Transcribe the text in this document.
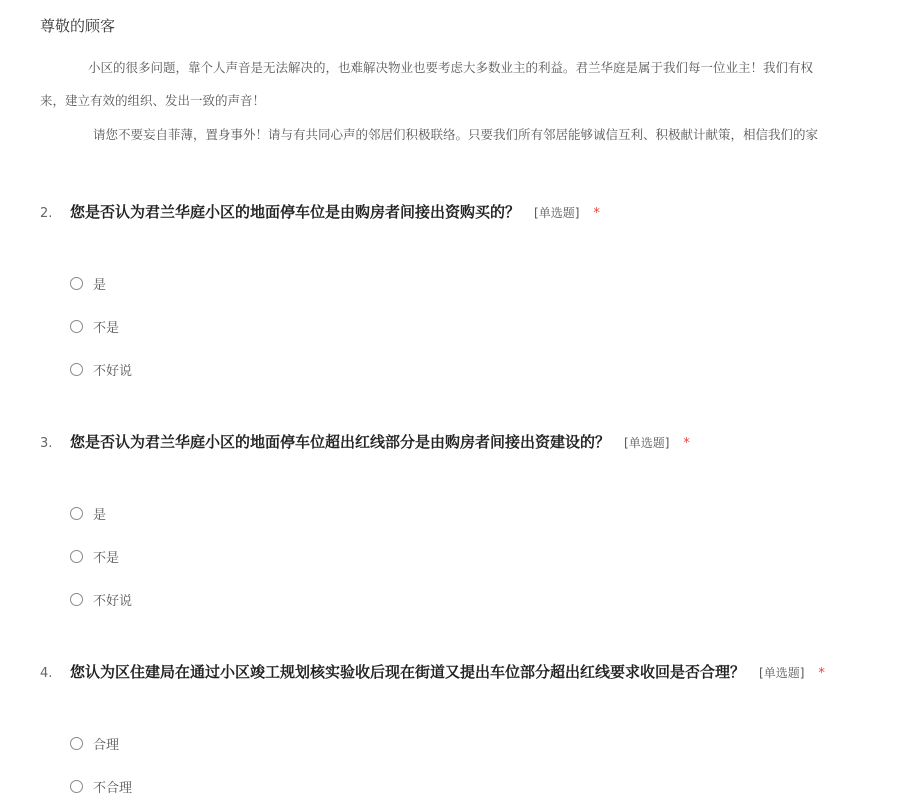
尊敬的顾客
小区的很多问题，靠个人声音是无法解决的，也难解决物业也要考虑大多数业主的利益。君兰华庭是属于我们每一位业主！我们有权
来，建立有效的组织、发出一致的声音！
请您不要妄自菲薄，置身事外！请与有共同心声的邻居们积极联络。只要我们所有邻居能够诚信互利、积极献计献策，相信我们的家
2.	您是否认为君兰华庭小区的地面停车位是由购房者间接出资购买的？ [单选题] *
是
不是
不好说
3.	您是否认为君兰华庭小区的地面停车位超出红线部分是由购房者间接出资建设的？ [单选题] *
是
不是
不好说
4.	您认为区住建局在通过小区竣工规划核实验收后现在街道又提出车位部分超出红线要求收回是否合理？ [单选题] *
合理
不合理
